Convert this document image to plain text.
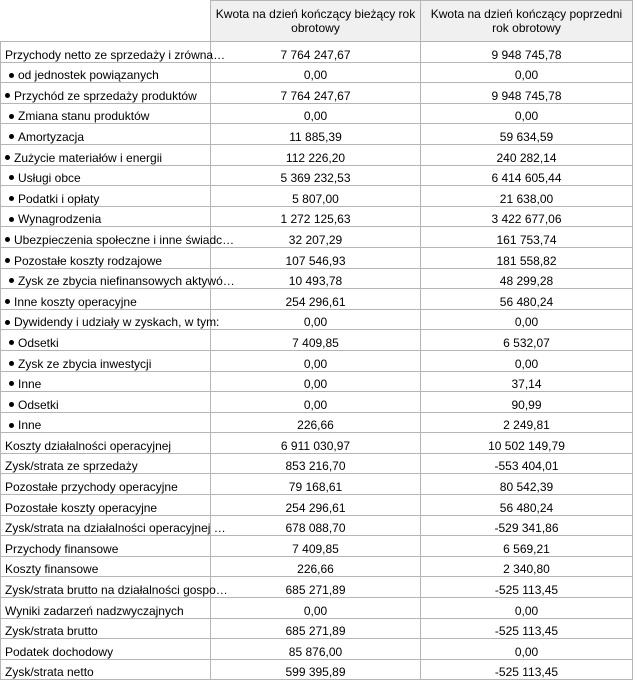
	Kwota na dzień kończący bieżący rok obrotowy	Kwota na dzień kończący poprzedni rok obrotowy
Przychody netto ze sprzedaży i zrówna…	7 764 247,67	9 948 745,78
od jednostek powiązanych	0,00	0,00
Przychód ze sprzedaży produktów	7 764 247,67	9 948 745,78
Zmiana stanu produktów	0,00	0,00
Amortyzacja	11 885,39	59 634,59
Zużycie materiałów i energii	112 226,20	240 282,14
Usługi obce	5 369 232,53	6 414 605,44
Podatki i opłaty	5 807,00	21 638,00
Wynagrodzenia	1 272 125,63	3 422 677,06
Ubezpieczenia społeczne i inne świadc…	32 207,29	161 753,74
Pozostałe koszty rodzajowe	107 546,93	181 558,82
Zysk ze zbycia niefinansowych aktywó…	10 493,78	48 299,28
Inne koszty operacyjne	254 296,61	56 480,24
Dywidendy i udziały w zyskach, w tym:	0,00	0,00
Odsetki	7 409,85	6 532,07
Zysk ze zbycia inwestycji	0,00	0,00
Inne	0,00	37,14
Odsetki	0,00	90,99
Inne	226,66	2 249,81
Koszty działalności operacyjnej	6 911 030,97	10 502 149,79
Zysk/strata ze sprzedaży	853 216,70	-553 404,01
Pozostałe przychody operacyjne	79 168,61	80 542,39
Pozostałe koszty operacyjne	254 296,61	56 480,24
Zysk/strata na działalności operacyjnej …	678 088,70	-529 341,86
Przychody finansowe	7 409,85	6 569,21
Koszty finansowe	226,66	2 340,80
Zysk/strata brutto na działalności gospo…	685 271,89	-525 113,45
Wyniki zadarzeń nadzwyczajnych	0,00	0,00
Zysk/strata brutto	685 271,89	-525 113,45
Podatek dochodowy	85 876,00	0,00
Zysk/strata netto	599 395,89	-525 113,45
